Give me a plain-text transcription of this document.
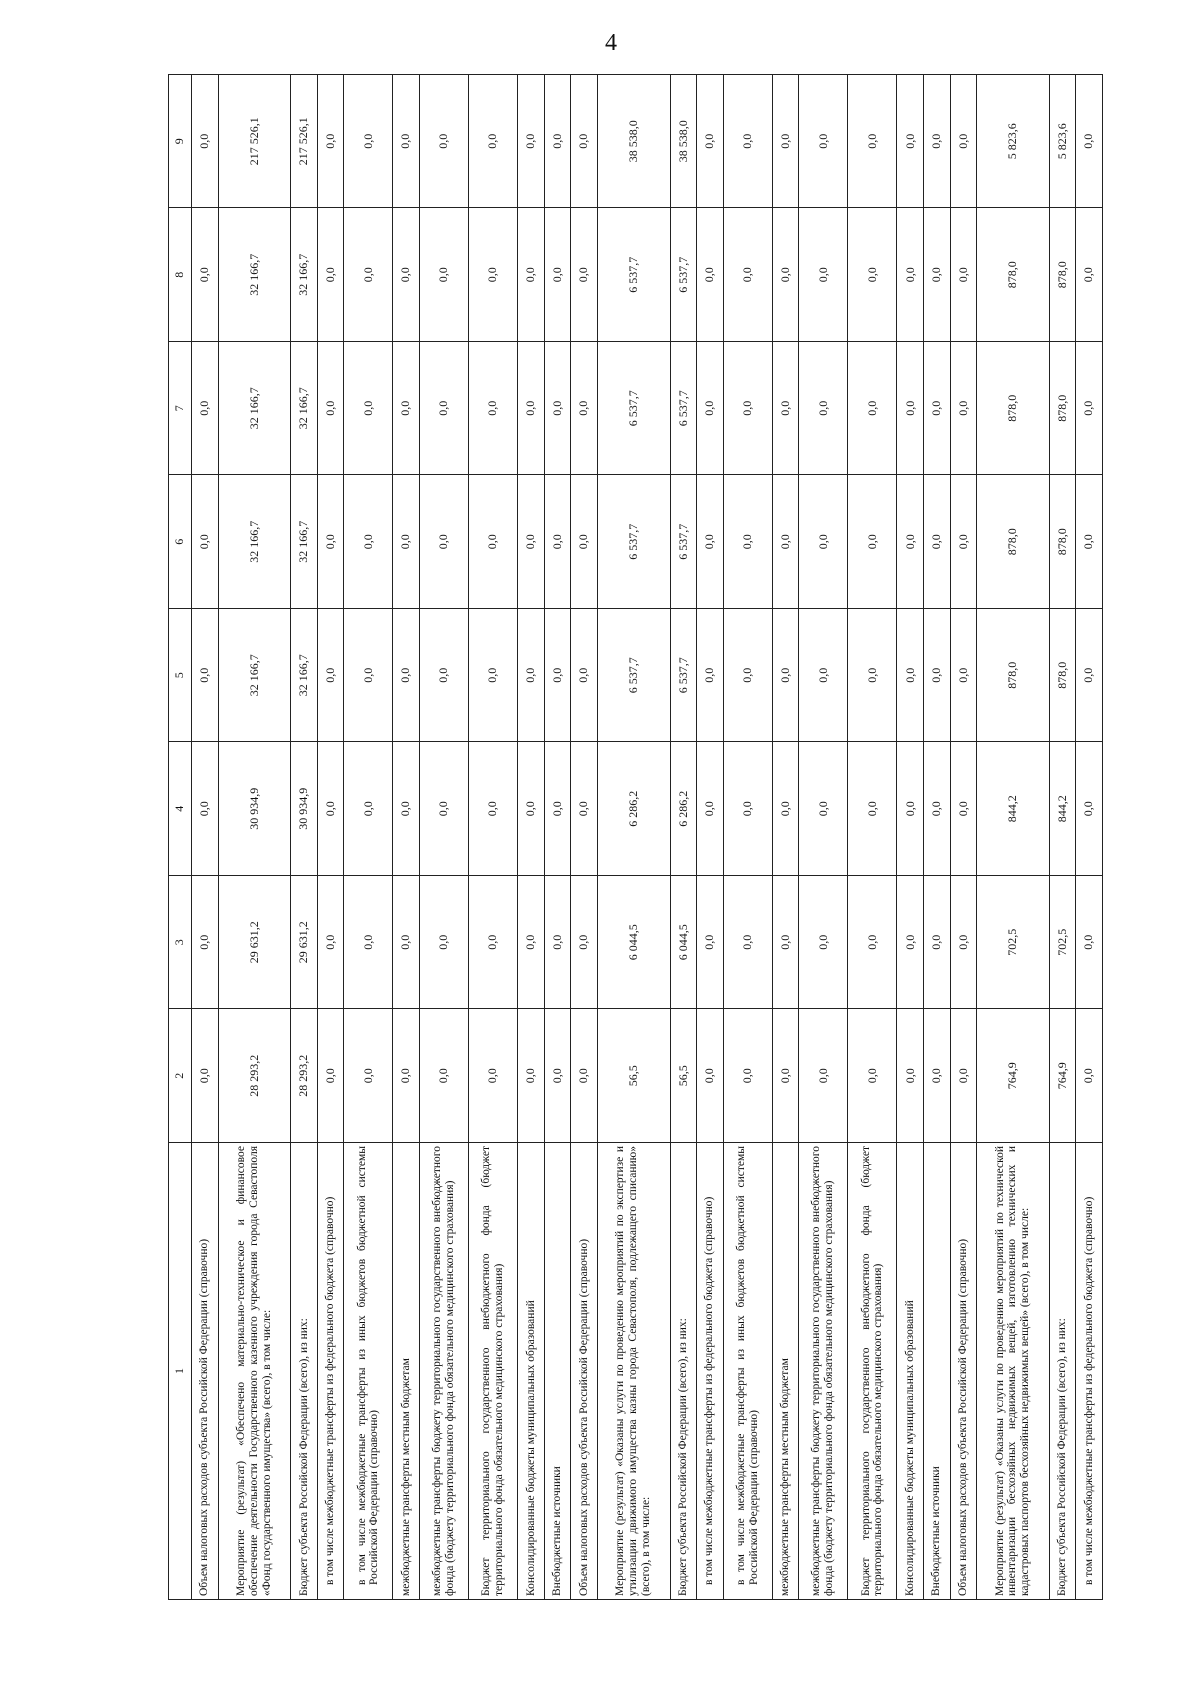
4
1	2	3	4	5	6	7	8	9
Объем налоговых расходов субъекта Российской Федерации (справочно)	0,0	0,0	0,0	0,0	0,0	0,0	0,0	0,0
Мероприятие (результат) «Обеспечено материально-техническое и финансовое обеспечение деятельности Государственного казенного учреждения города Севастополя «Фонд государственного имущества» (всего), в том числе:	28 293,2	29 631,2	30 934,9	32 166,7	32 166,7	32 166,7	32 166,7	217 526,1
Бюджет субъекта Российской Федерации (всего), из них:	28 293,2	29 631,2	30 934,9	32 166,7	32 166,7	32 166,7	32 166,7	217 526,1
в том числе межбюджетные трансферты из федерального бюджета (справочно)	0,0	0,0	0,0	0,0	0,0	0,0	0,0	0,0
в том числе межбюджетные трансферты из иных бюджетов бюджетной системы Российской Федерации (справочно)	0,0	0,0	0,0	0,0	0,0	0,0	0,0	0,0
межбюджетные трансферты местным бюджетам	0,0	0,0	0,0	0,0	0,0	0,0	0,0	0,0
межбюджетные трансферты бюджету территориального государственного внебюджетного фонда (бюджету территориального фонда обязательного медицинского страхования)	0,0	0,0	0,0	0,0	0,0	0,0	0,0	0,0
Бюджет территориального государственного внебюджетного фонда (бюджет территориального фонда обязательного медицинского страхования)	0,0	0,0	0,0	0,0	0,0	0,0	0,0	0,0
Консолидированные бюджеты муниципальных образований	0,0	0,0	0,0	0,0	0,0	0,0	0,0	0,0
Внебюджетные источники	0,0	0,0	0,0	0,0	0,0	0,0	0,0	0,0
Объем налоговых расходов субъекта Российской Федерации (справочно)	0,0	0,0	0,0	0,0	0,0	0,0	0,0	0,0
Мероприятие (результат) «Оказаны услуги по проведению мероприятий по экспертизе и утилизации движимого имущества казны города Севастополя, подлежащего списанию» (всего), в том числе:	56,5	6 044,5	6 286,2	6 537,7	6 537,7	6 537,7	6 537,7	38 538,0
Бюджет субъекта Российской Федерации (всего), из них:	56,5	6 044,5	6 286,2	6 537,7	6 537,7	6 537,7	6 537,7	38 538,0
в том числе межбюджетные трансферты из федерального бюджета (справочно)	0,0	0,0	0,0	0,0	0,0	0,0	0,0	0,0
в том числе межбюджетные трансферты из иных бюджетов бюджетной системы Российской Федерации (справочно)	0,0	0,0	0,0	0,0	0,0	0,0	0,0	0,0
межбюджетные трансферты местным бюджетам	0,0	0,0	0,0	0,0	0,0	0,0	0,0	0,0
межбюджетные трансферты бюджету территориального государственного внебюджетного фонда (бюджету территориального фонда обязательного медицинского страхования)	0,0	0,0	0,0	0,0	0,0	0,0	0,0	0,0
Бюджет территориального государственного внебюджетного фонда (бюджет территориального фонда обязательного медицинского страхования)	0,0	0,0	0,0	0,0	0,0	0,0	0,0	0,0
Консолидированные бюджеты муниципальных образований	0,0	0,0	0,0	0,0	0,0	0,0	0,0	0,0
Внебюджетные источники	0,0	0,0	0,0	0,0	0,0	0,0	0,0	0,0
Объем налоговых расходов субъекта Российской Федерации (справочно)	0,0	0,0	0,0	0,0	0,0	0,0	0,0	0,0
Мероприятие (результат) «Оказаны услуги по проведению мероприятий по технической инвентаризации бесхозяйных недвижимых вещей, изготовлению технических и кадастровых паспортов бесхозяйных недвижимых вещей» (всего), в том числе:	764,9	702,5	844,2	878,0	878,0	878,0	878,0	5 823,6
Бюджет субъекта Российской Федерации (всего), из них:	764,9	702,5	844,2	878,0	878,0	878,0	878,0	5 823,6
в том числе межбюджетные трансферты из федерального бюджета (справочно)	0,0	0,0	0,0	0,0	0,0	0,0	0,0	0,0
